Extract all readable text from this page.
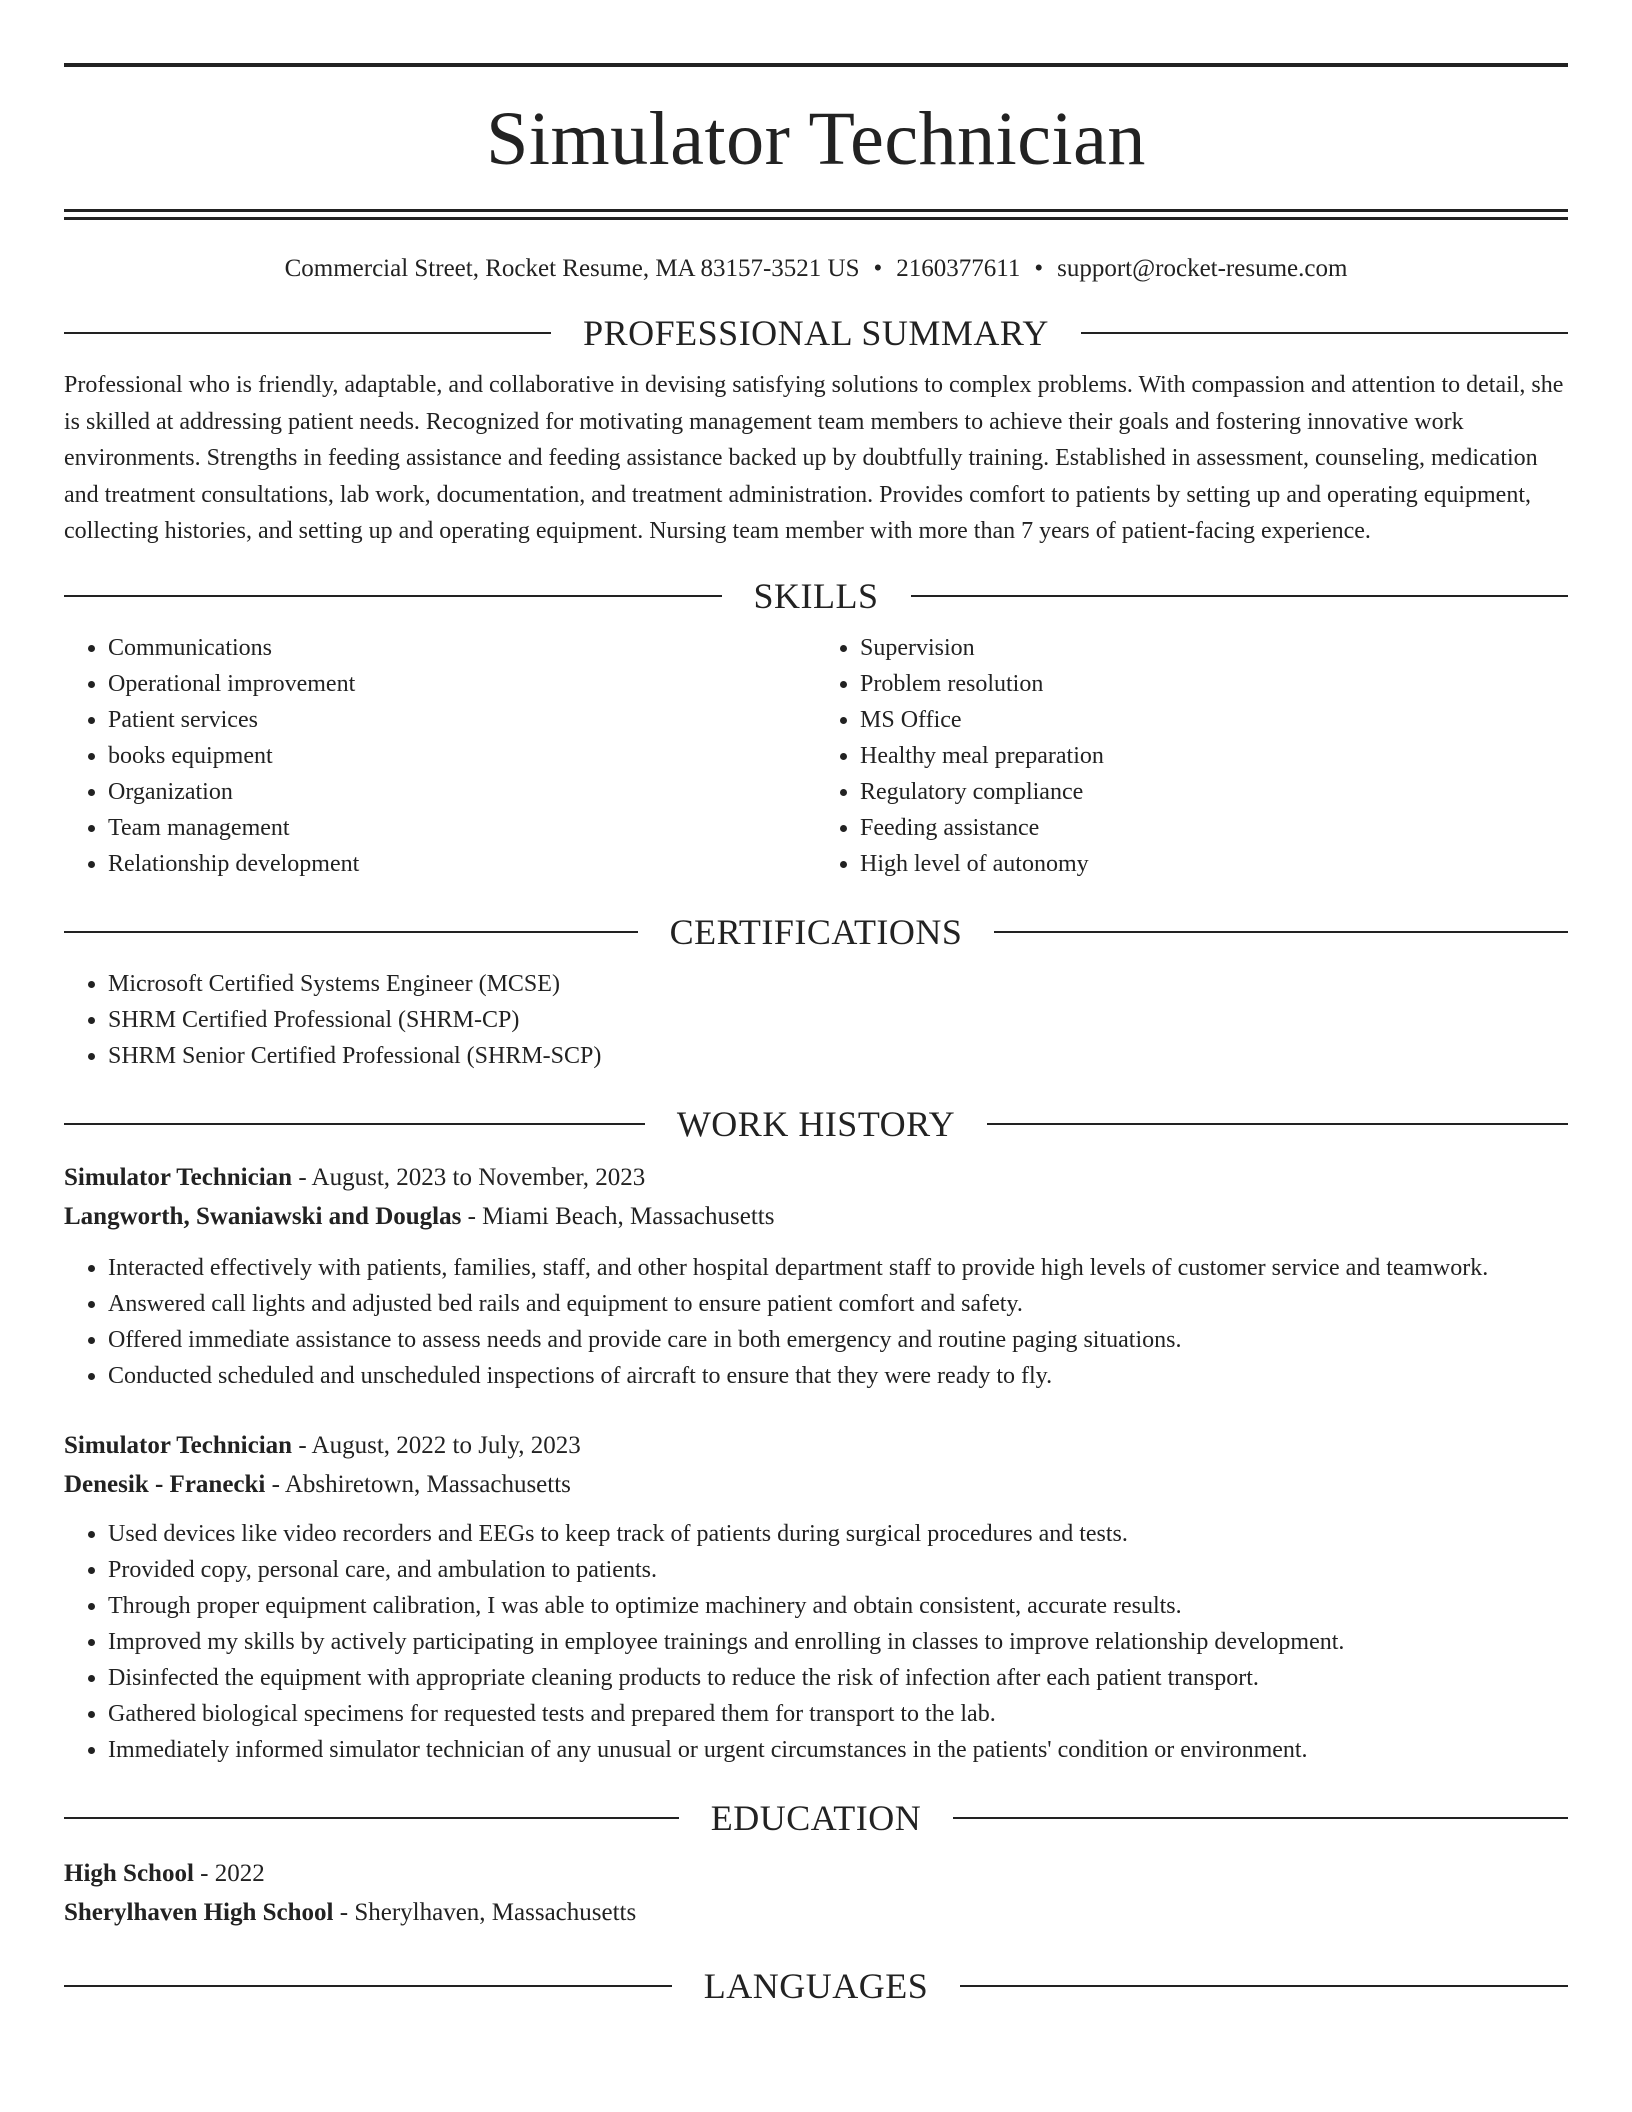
Simulator Technician
Commercial Street, Rocket Resume, MA 83157-3521 US • 2160377611 • support@rocket-resume.com
PROFESSIONAL SUMMARY

Professional who is friendly, adaptable, and collaborative in devising satisfying solutions to complex problems. With compassion and attention to detail, she is skilled at addressing patient needs. Recognized for motivating management team members to achieve their goals and fostering innovative work environments. Strengths in feeding assistance and feeding assistance backed up by doubtfully training. Established in assessment, counseling, medication and treatment consultations, lab work, documentation, and treatment administration. Provides comfort to patients by setting up and operating equipment, collecting histories, and setting up and operating equipment. Nursing team member with more than 7 years of patient-facing experience.

SKILLS
• Communications
• Operational improvement
• Patient services
• books equipment
• Organization
• Team management
• Relationship development
• Supervision
• Problem resolution
• MS Office
• Healthy meal preparation
• Regulatory compliance
• Feeding assistance
• High level of autonomy
CERTIFICATIONS
• Microsoft Certified Systems Engineer (MCSE)
• SHRM Certified Professional (SHRM-CP)
• SHRM Senior Certified Professional (SHRM-SCP)
WORK HISTORY
Simulator Technician - August, 2023 to November, 2023
Langworth, Swaniawski and Douglas - Miami Beach, Massachusetts
• Interacted effectively with patients, families, staff, and other hospital department staff to provide high levels of customer service and teamwork.
• Answered call lights and adjusted bed rails and equipment to ensure patient comfort and safety.
• Offered immediate assistance to assess needs and provide care in both emergency and routine paging situations.
• Conducted scheduled and unscheduled inspections of aircraft to ensure that they were ready to fly.
Simulator Technician - August, 2022 to July, 2023
Denesik - Franecki - Abshiretown, Massachusetts
• Used devices like video recorders and EEGs to keep track of patients during surgical procedures and tests.
• Provided copy, personal care, and ambulation to patients.
• Through proper equipment calibration, I was able to optimize machinery and obtain consistent, accurate results.
• Improved my skills by actively participating in employee trainings and enrolling in classes to improve relationship development.
• Disinfected the equipment with appropriate cleaning products to reduce the risk of infection after each patient transport.
• Gathered biological specimens for requested tests and prepared them for transport to the lab.
• Immediately informed simulator technician of any unusual or urgent circumstances in the patients' condition or environment.
EDUCATION
High School - 2022
Sherylhaven High School - Sherylhaven, Massachusetts
LANGUAGES
